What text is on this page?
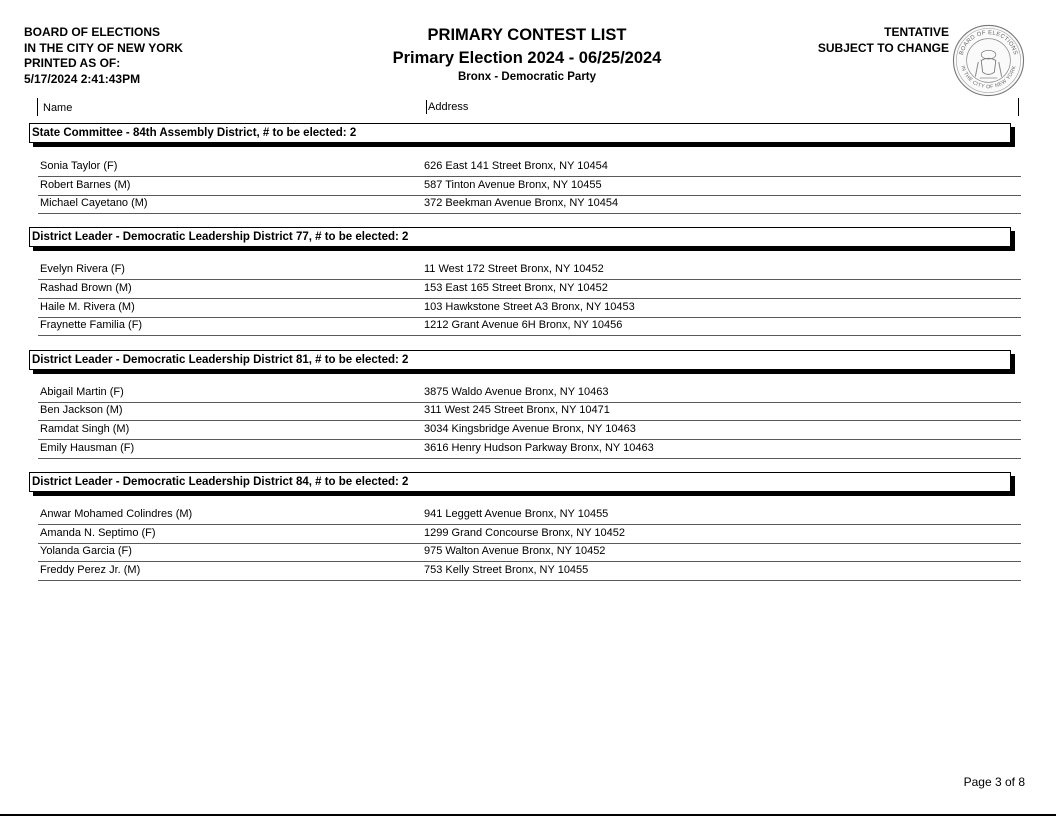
BOARD OF ELECTIONS
IN THE CITY OF NEW YORK
PRINTED AS OF:
5/17/2024 2:41:43PM
PRIMARY CONTEST LIST
Primary Election 2024 - 06/25/2024
Bronx - Democratic Party
TENTATIVE
SUBJECT TO CHANGE BOARD OF ELECTIONS
IN THE CITY OF NEW YORK
Name	Address
State Committee - 84th Assembly District, # to be elected: 2
Sonia Taylor (F)	626 East 141 Street Bronx, NY 10454
Robert Barnes (M)	587 Tinton Avenue Bronx, NY 10455
Michael Cayetano (M)	372 Beekman Avenue Bronx, NY 10454
District Leader - Democratic Leadership District 77, # to be elected: 2
Evelyn Rivera (F)	11 West 172 Street Bronx, NY 10452
Rashad Brown (M)	153 East 165 Street Bronx, NY 10452
Haile M. Rivera (M)	103 Hawkstone Street A3 Bronx, NY 10453
Fraynette Familia (F)	1212 Grant Avenue 6H Bronx, NY 10456
District Leader - Democratic Leadership District 81, # to be elected: 2
Abigail Martin (F)	3875 Waldo Avenue Bronx, NY 10463
Ben Jackson (M)	311 West 245 Street Bronx, NY 10471
Ramdat Singh (M)	3034 Kingsbridge Avenue Bronx, NY 10463
Emily Hausman (F)	3616 Henry Hudson Parkway Bronx, NY 10463
District Leader - Democratic Leadership District 84, # to be elected: 2
Anwar Mohamed Colindres (M)	941 Leggett Avenue Bronx, NY 10455
Amanda N. Septimo (F)	1299 Grand Concourse Bronx, NY 10452
Yolanda Garcia (F)	975 Walton Avenue Bronx, NY 10452
Freddy Perez Jr. (M)	753 Kelly Street Bronx, NY 10455
Page 3 of 8
